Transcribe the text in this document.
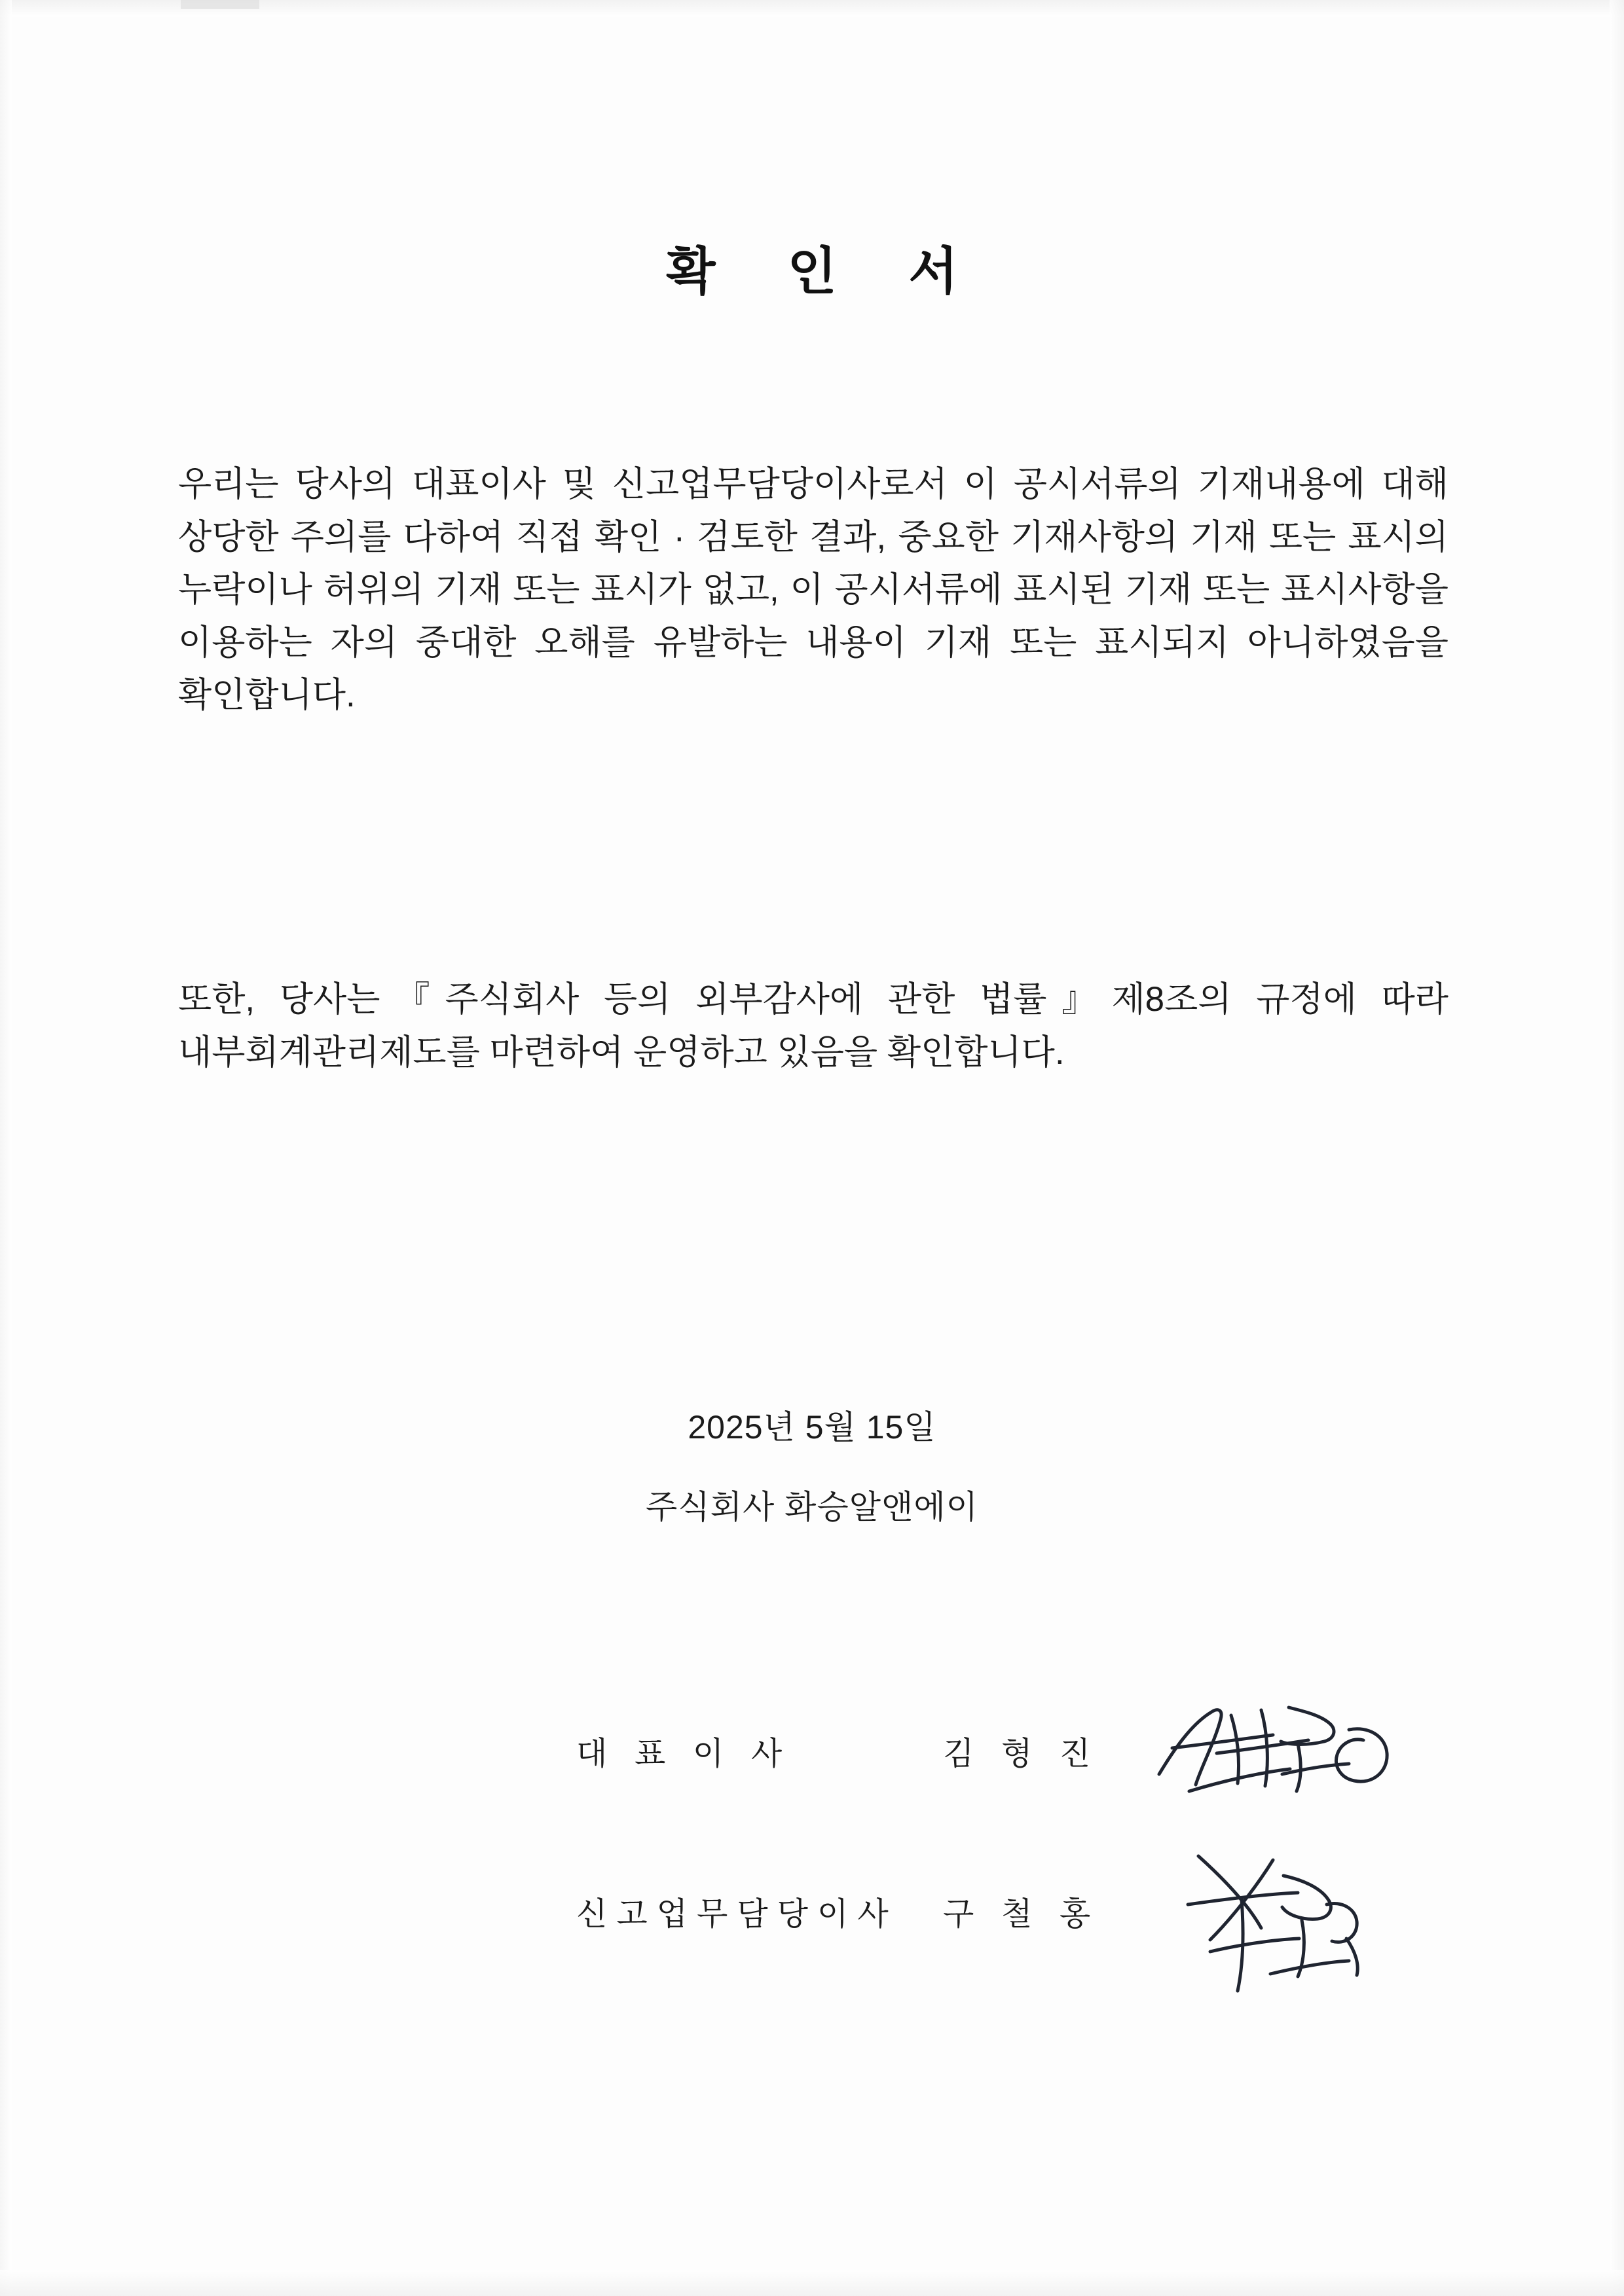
확 인 서
우리는 당사의 대표이사 및 신고업무담당이사로서 이 공시서류의 기재내용에 대해 상당한 주의를 다하여 직접 확인 · 검토한 결과, 중요한 기재사항의 기재 또는 표시의 누락이나 허위의 기재 또는 표시가 없고, 이 공시서류에 표시된 기재 또는 표시사항을 이용하는 자의 중대한 오해를 유발하는 내용이 기재 또는 표시되지 아니하였음을 확인합니다.
또한, 당사는『주식회사 등의 외부감사에 관한 법률』제8조의 규정에 따라 내부회계관리제도를 마련하여 운영하고 있음을 확인합니다.
2025년 5월 15일
주식회사 화승알앤에이
대 표 이 사	김 형 진
신고업무담당이사	구 철 홍
